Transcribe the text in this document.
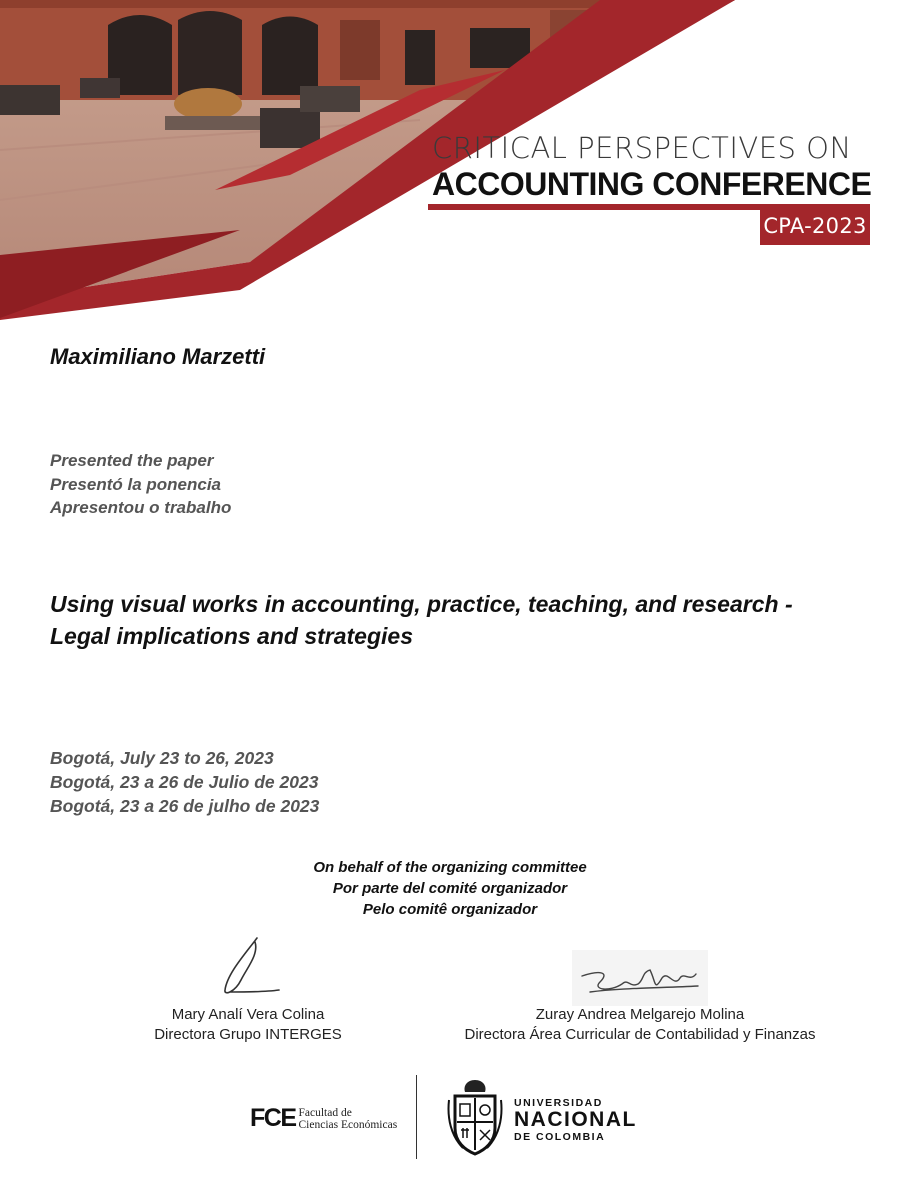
CRITICAL PERSPECTIVES ON
ACCOUNTING CONFERENCE
CPA-2023
Maximiliano Marzetti
Presented the paper
Presentó la ponencia
Apresentou o trabalho
Using visual works in accounting, practice, teaching, and research - Legal implications and strategies
Bogotá, July 23 to 26, 2023
Bogotá, 23 a 26 de Julio de 2023
Bogotá, 23 a 26 de julho de 2023
On behalf of the organizing committee
Por parte del comité organizador
Pelo comitê organizador
Mary Analí Vera Colina
Directora Grupo INTERGES
Zuray Andrea Melgarejo Molina
Directora Área Curricular de Contabilidad y Finanzas
FCE Facultad de
Ciencias Económicas
UNIVERSIDAD
NACIONAL
DE COLOMBIA
